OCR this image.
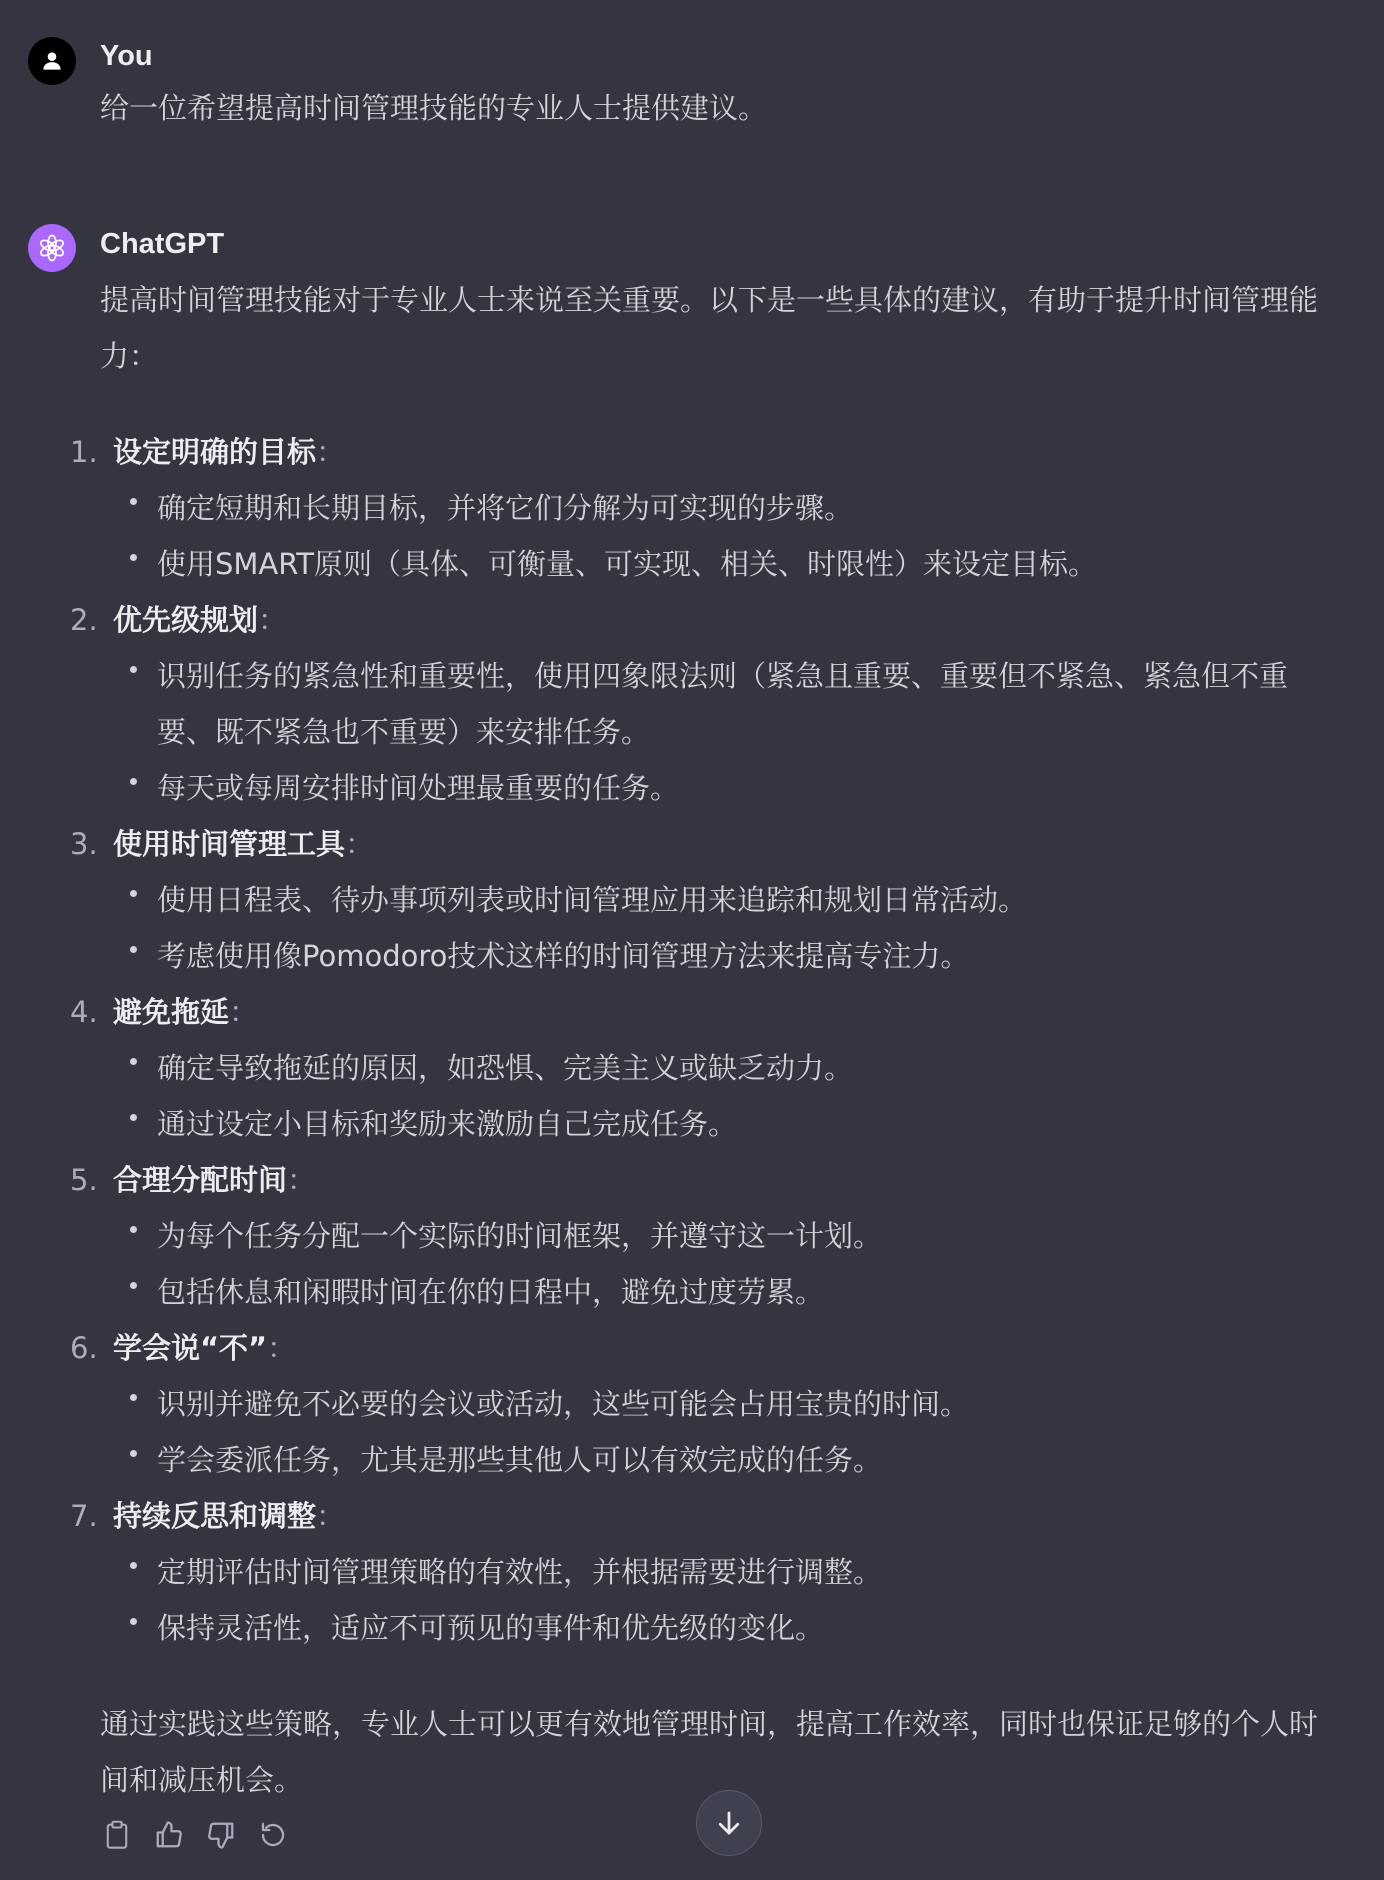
You
给一位希望提高时间管理技能的专业人士提供建议。
ChatGPT
提高时间管理技能对于专业人士来说至关重要。以下是一些具体的建议，有助于提升时间管理能力：
1. 设定明确的目标：
确定短期和长期目标，并将它们分解为可实现的步骤。
使用SMART原则（具体、可衡量、可实现、相关、时限性）来设定目标。
2. 优先级规划：
识别任务的紧急性和重要性，使用四象限法则（紧急且重要、重要但不紧急、紧急但不重要、既不紧急也不重要）来安排任务。
每天或每周安排时间处理最重要的任务。
3. 使用时间管理工具：
使用日程表、待办事项列表或时间管理应用来追踪和规划日常活动。
考虑使用像Pomodoro技术这样的时间管理方法来提高专注力。
4. 避免拖延：
确定导致拖延的原因，如恐惧、完美主义或缺乏动力。
通过设定小目标和奖励来激励自己完成任务。
5. 合理分配时间：
为每个任务分配一个实际的时间框架，并遵守这一计划。
包括休息和闲暇时间在你的日程中，避免过度劳累。
6. 学会说“不”：
识别并避免不必要的会议或活动，这些可能会占用宝贵的时间。
学会委派任务，尤其是那些其他人可以有效完成的任务。
7. 持续反思和调整：
定期评估时间管理策略的有效性，并根据需要进行调整。
保持灵活性，适应不可预见的事件和优先级的变化。
通过实践这些策略，专业人士可以更有效地管理时间，提高工作效率，同时也保证足够的个人时间和减压机会。
